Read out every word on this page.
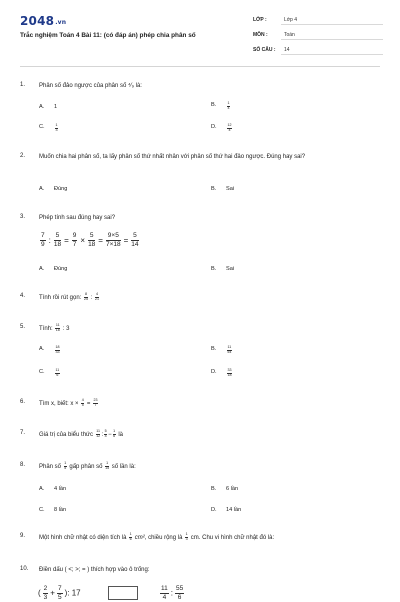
2048.vn
Trắc nghiệm Toán 4 Bài 11: (có đáp án) phép chia phân số
LỚP :	Lớp 4
MÔN :	Toán
SỐ CÂU : 14
1. Phân số đảo ngược của phân số ⁴⁄₉ là:
A. 1	B.	$\frac{1}{4}$
C.	$\frac{1}{3}$	D.	$\frac{12}{4}$
2. Muốn chia hai phân số, ta lấy phân số thứ nhất nhân với phân số thứ hai đảo ngược. Đúng hay sai?
A. Đúng	B. Sai
3. Phép tính sau đúng hay sai?
$\frac{7}{9}$ : $\frac{5}{18} = \frac{9}{7} \times \frac{5}{18} = \frac{9\times 5}{7\times 18} = \frac{5}{14}$
A. Đúng	B. Sai
4. Tính rồi rút gọn: $\frac{8}{25}$ : $\frac{4}{21}$
5. Tính: $\frac{11}{18}$ : 3
A.	$\frac{18}{33}$	B.	$\frac{11}{54}$
C.	$\frac{11}{6}$	D.	$\frac{33}{18}$
6. Tìm x, biết: $x \times \frac{4}{5} = \frac{23}{7}$
7. Giá trị của biểu thức $\frac{11}{12}$ : $\frac{5}{4} - \frac{1}{6}$ là
8. Phân số $\frac{1}{5}$ gấp phân số $\frac{1}{15}$ số lần là:
A. 4 lần	B. 6 lần
C. 8 lần	D. 14 lần
9. Một hình chữ nhật có diện tích là $\frac{1}{6} cm^2$, chiều rộng là $\frac{1}{3}$ cm. Chu vi hình chữ nhật đó là:
10. Điền dấu ( <; >; = ) thích hợp vào ô trống:
( $\frac{2}{3} + \frac{7}{5}$ ): 17	$\frac{11}{4}$ : $\frac{55}{6}$
